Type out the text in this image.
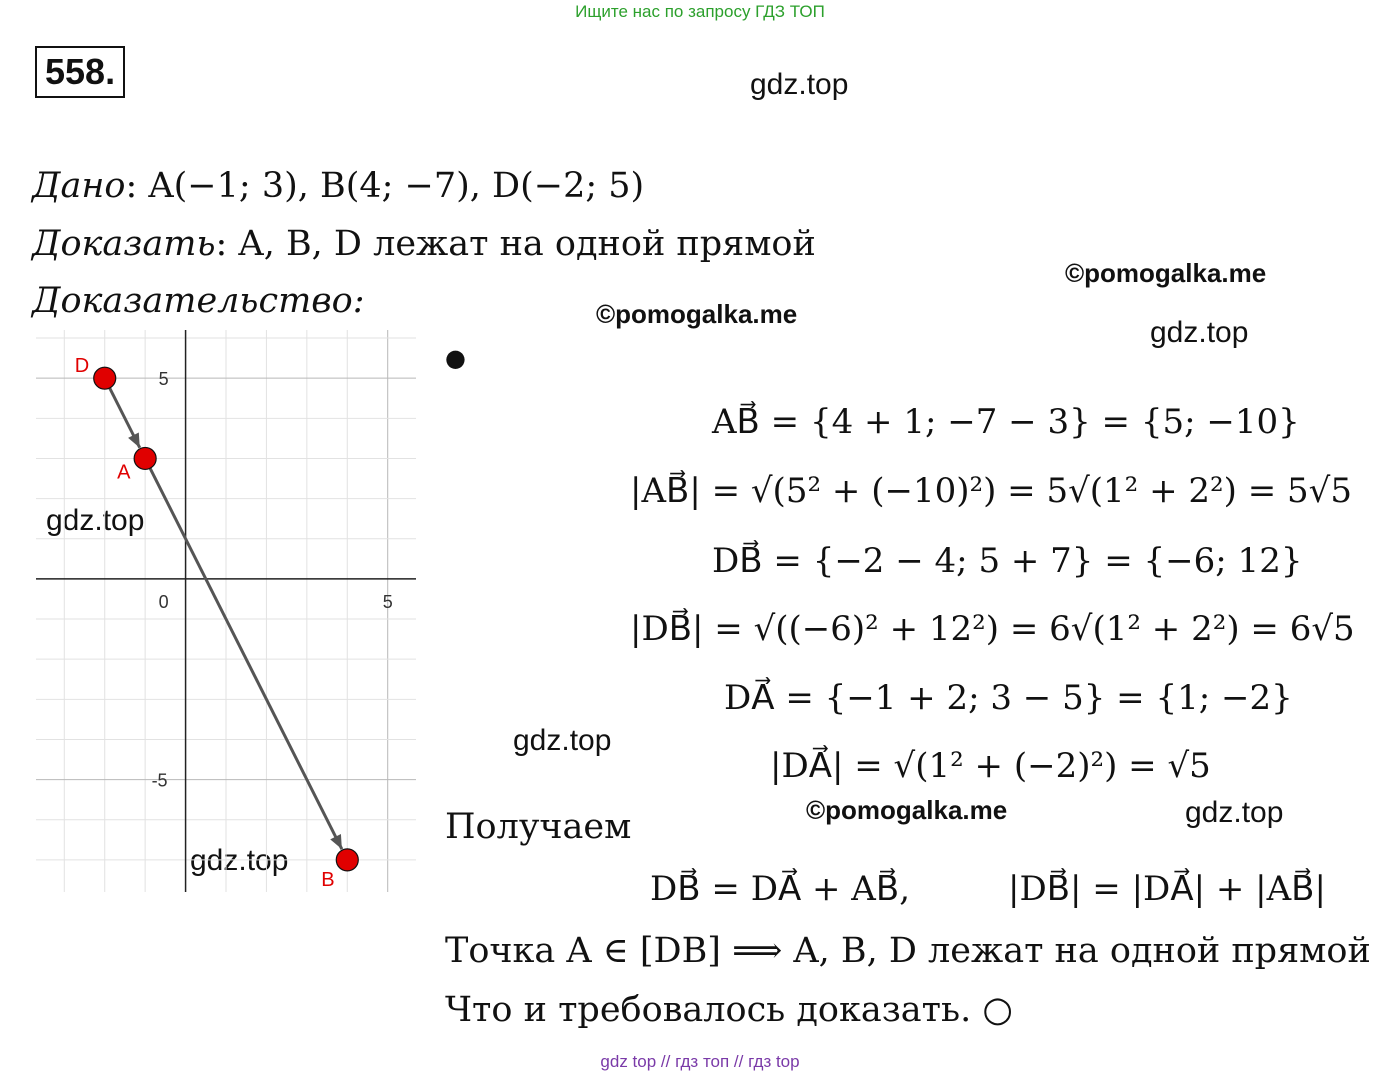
Ищите нас по запросу ГДЗ ТОП
558.	gdz.top
©pomogalka.me
gdz.top
©pomogalka.me
gdz.top
gdz.top
©pomogalka.me	gdz.top
gdz.top
Дано: A(−1; 3), B(4; −7), D(−2; 5)
Доказать: A, B, D лежат на одной прямой
Доказательство:
0	5
5
-5
D
A
B
●
AB⃗ = {4 + 1; −7 − 3} = {5; −10}
|AB⃗| = √(5² + (−10)²) = 5√(1² + 2²) = 5√5
DB⃗ = {−2 − 4; 5 + 7} = {−6; 12}
|DB⃗| = √((−6)² + 12²) = 6√(1² + 2²) = 6√5
DA⃗ = {−1 + 2; 3 − 5} = {1; −2}
|DA⃗| = √(1² + (−2)²) = √5
Получаем
DB⃗ = DA⃗ + AB⃗,	|DB⃗| = |DA⃗| + |AB⃗|
Точка A ∈ [DB] ⟹ A, B, D лежат на одной прямой
Что и требовалось доказать. ○
gdz top // гдз топ // гдз top
